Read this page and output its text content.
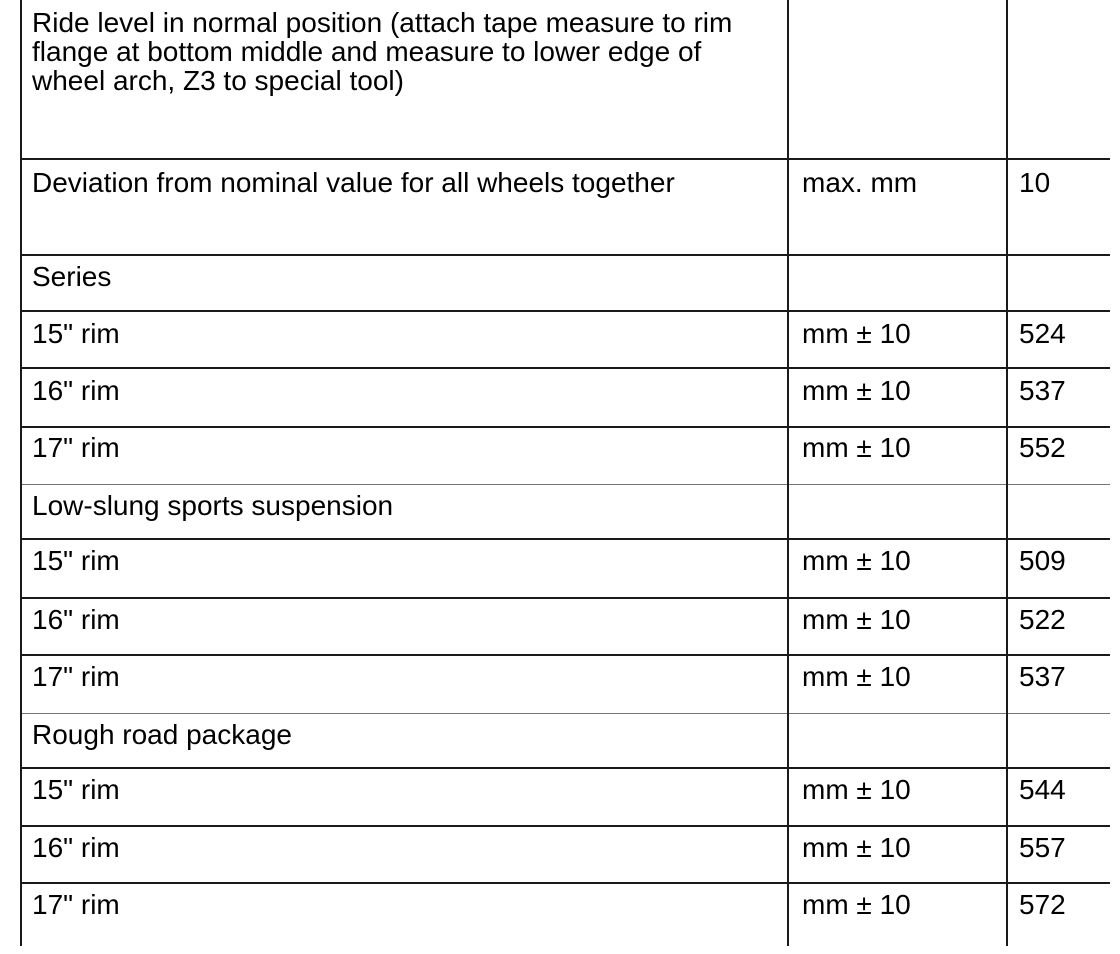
Ride level in normal position (attach tape measure to rim flange at bottom middle and measure to lower edge of wheel arch, Z3 to special tool)
Deviation from nominal value for all wheels together	max. mm	10
Series
15" rim	mm ± 10	524
16" rim	mm ± 10	537
17" rim	mm ± 10	552
Low-slung sports suspension
15" rim	mm ± 10	509
16" rim	mm ± 10	522
17" rim	mm ± 10	537
Rough road package
15" rim	mm ± 10	544
16" rim	mm ± 10	557
17" rim	mm ± 10	572
